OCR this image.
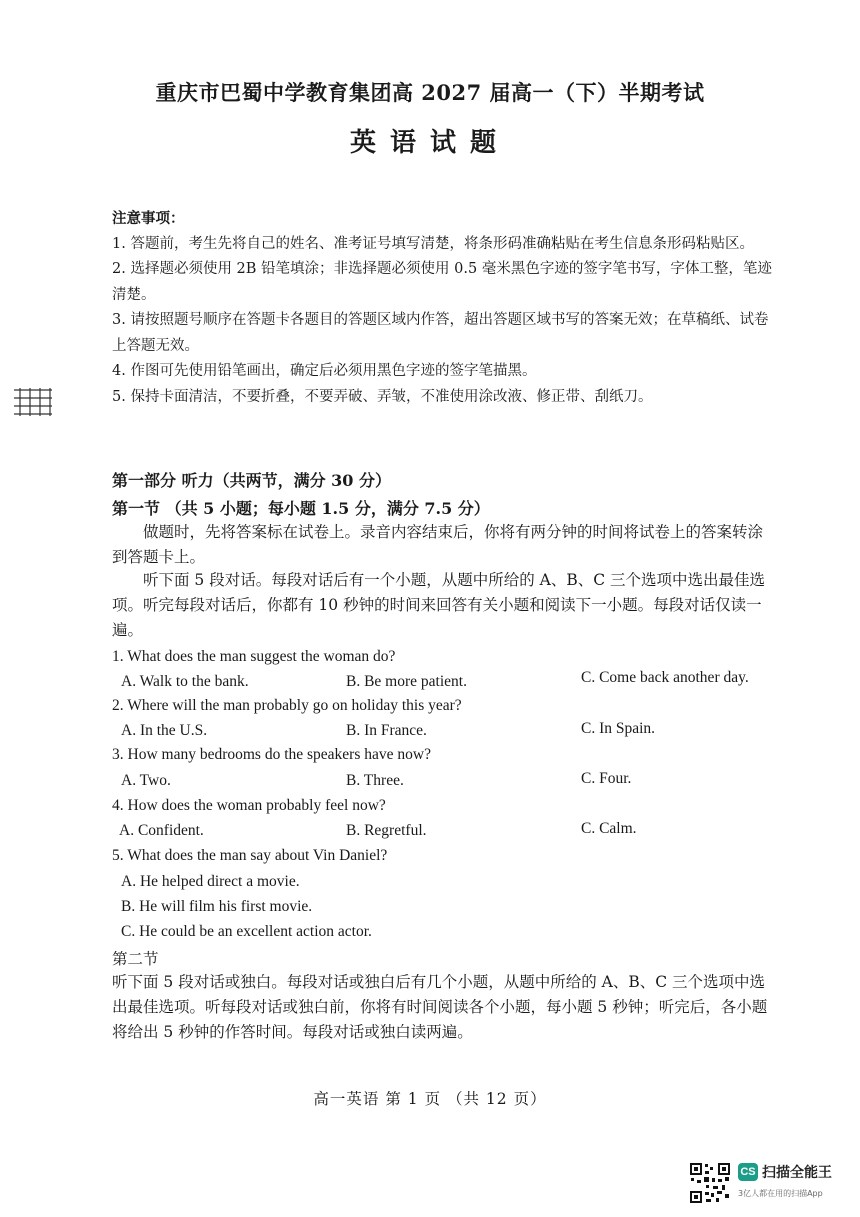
重庆市巴蜀中学教育集团高 2027 届高一（下）半期考试
英语试题

注意事项：

1. 答题前，考生先将自己的姓名、准考证号填写清楚，将条形码准确粘贴在考生信息条形码粘贴区。

2. 选择题必须使用 2B 铅笔填涂；非选择题必须使用 0.5 毫米黑色字迹的签字笔书写，字体工整，笔迹清楚。

3. 请按照题号顺序在答题卡各题目的答题区域内作答，超出答题区域书写的答案无效；在草稿纸、试卷上答题无效。

4. 作图可先使用铅笔画出，确定后必须用黑色字迹的签字笔描黑。

5. 保持卡面清洁，不要折叠，不要弄破、弄皱，不准使用涂改液、修正带、刮纸刀。

第一部分 听力（共两节，满分 30 分）
第一节 （共 5 小题；每小题 1.5 分，满分 7.5 分）
做题时，先将答案标在试卷上。录音内容结束后，你将有两分钟的时间将试卷上的答案转涂到答题卡上。
听下面 5 段对话。每段对话后有一个小题，从题中所给的 A、B、C 三个选项中选出最佳选项。听完每段对话后，你都有 10 秒钟的时间来回答有关小题和阅读下一小题。每段对话仅读一遍。
1. What does the man suggest the woman do?
A. Walk to the bank.	B. Be more patient.	C. Come back another day.
2. Where will the man probably go on holiday this year?
A. In the U.S.	B. In France.	C. In Spain.
3. How many bedrooms do the speakers have now?
A. Two.	B. Three.	C. Four.
4. How does the woman probably feel now?
A. Confident.	B. Regretful.	C. Calm.
5. What does the man say about Vin Daniel?
A. He helped direct a movie.
B. He will film his first movie.
C. He could be an excellent action actor.
第二节
听下面 5 段对话或独白。每段对话或独白后有几个小题，从题中所给的 A、B、C 三个选项中选出最佳选项。听每段对话或独白前，你将有时间阅读各个小题，每小题 5 秒钟；听完后，各小题将给出 5 秒钟的作答时间。每段对话或独白读两遍。
高一英语 第 1 页 （共 12 页）
CS 扫描全能王
3亿人都在用的扫描App
